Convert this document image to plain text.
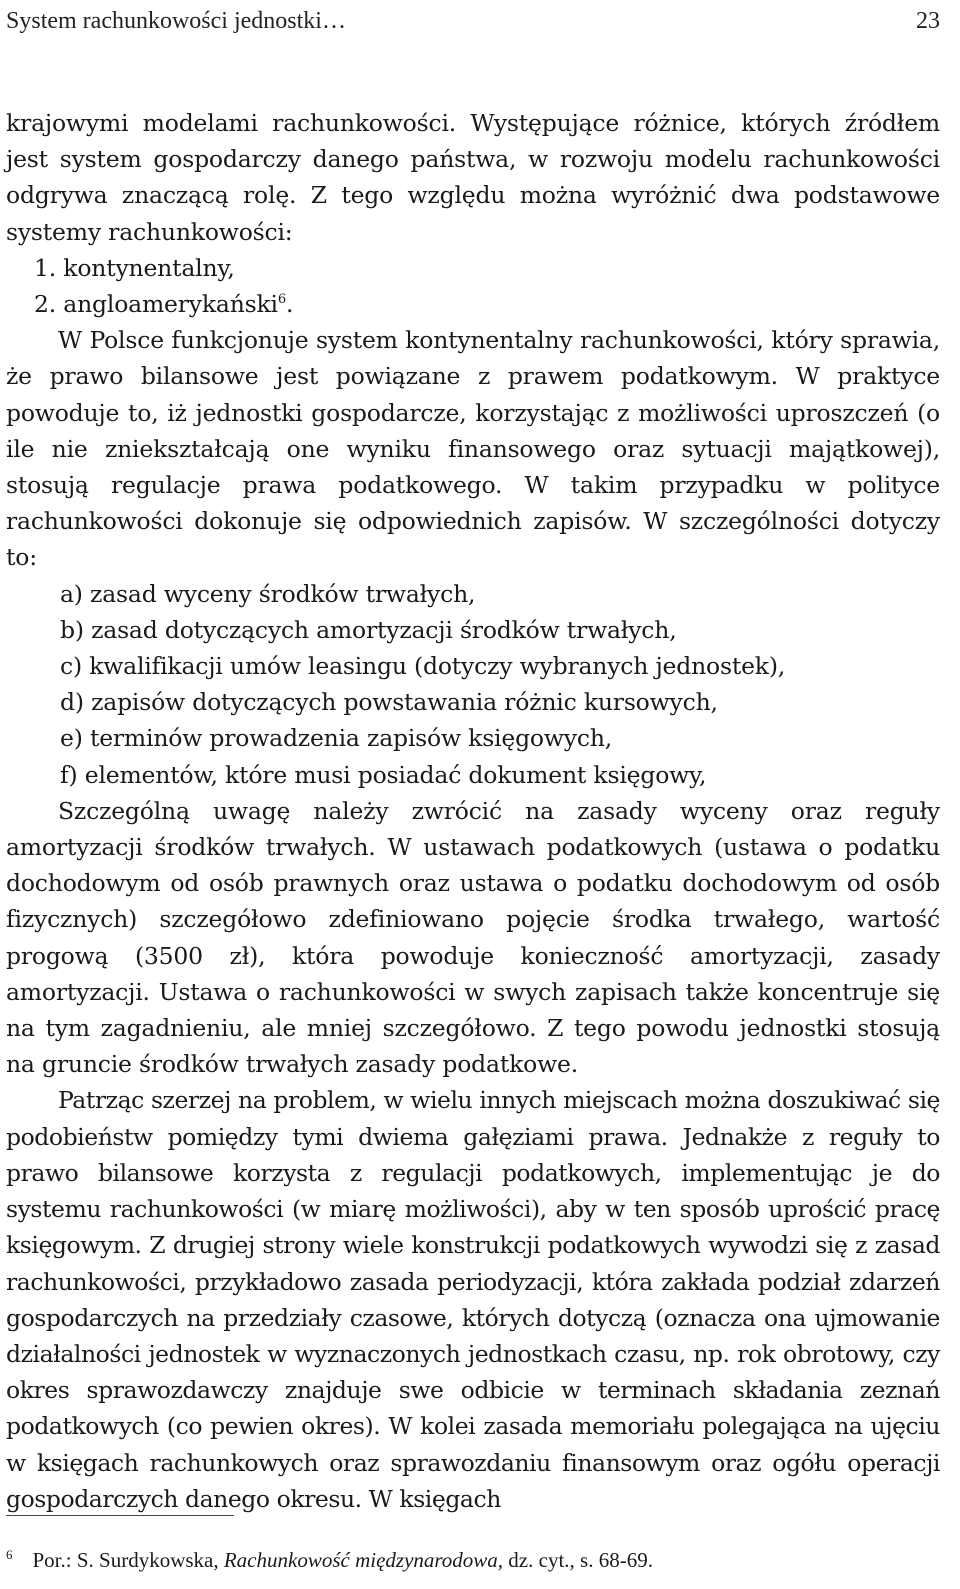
System rachunkowości jednostki…	23

krajowymi modelami rachunkowości. Występujące różnice, których źródłem jest system gospodarczy danego państwa, w rozwoju modelu rachunkowości odgrywa znaczącą rolę. Z tego względu można wyróżnić dwa podstawowe systemy rachunkowości:

1. kontynentalny,

2. angloamerykański$^6$.

W Polsce funkcjonuje system kontynentalny rachunkowości, który sprawia, że prawo bilansowe jest powiązane z prawem podatkowym. W praktyce powoduje to, iż jednostki gospodarcze, korzystając z możliwości uproszczeń (o ile nie zniekształcają one wyniku finansowego oraz sytuacji majątkowej), stosują regulacje prawa podatkowego. W takim przypadku w polityce rachunkowości dokonuje się odpowiednich zapisów. W szczególności dotyczy to:

a) zasad wyceny środków trwałych,

b) zasad dotyczących amortyzacji środków trwałych,

c) kwalifikacji umów leasingu (dotyczy wybranych jednostek),

d) zapisów dotyczących powstawania różnic kursowych,

e) terminów prowadzenia zapisów księgowych,

f) elementów, które musi posiadać dokument księgowy,

Szczególną uwagę należy zwrócić na zasady wyceny oraz reguły amortyzacji środków trwałych. W ustawach podatkowych (ustawa o podatku dochodowym od osób prawnych oraz ustawa o podatku dochodowym od osób fizycznych) szczegółowo zdefiniowano pojęcie środka trwałego, wartość progową (3500 zł), która powoduje konieczność amortyzacji, zasady amortyzacji. Ustawa o rachunkowości w swych zapisach także koncentruje się na tym zagadnieniu, ale mniej szczegółowo. Z tego powodu jednostki stosują na gruncie środków trwałych zasady podatkowe.

Patrząc szerzej na problem, w wielu innych miejscach można doszukiwać się podobieństw pomiędzy tymi dwiema gałęziami prawa. Jednakże z reguły to prawo bilansowe korzysta z regulacji podatkowych, implementując je do systemu rachunkowości (w miarę możliwości), aby w ten sposób uprościć pracę księgowym. Z drugiej strony wiele konstrukcji podatkowych wywodzi się z zasad rachunkowości, przykładowo zasada periodyzacji, która zakłada podział zdarzeń gospodarczych na przedziały czasowe, których dotyczą (oznacza ona ujmowanie działalności jednostek w wyznaczonych jednostkach czasu, np. rok obrotowy, czy okres sprawozdawczy znajduje swe odbicie w terminach składania zeznań podatkowych (co pewien okres). W kolei zasada memoriału polegająca na ujęciu w księgach rachunkowych oraz sprawozdaniu finansowym oraz ogółu operacji gospodarczych danego okresu. W księgach

$^6$ Por.: S. Surdykowska, Rachunkowość międzynarodowa, dz. cyt., s. 68-69.
